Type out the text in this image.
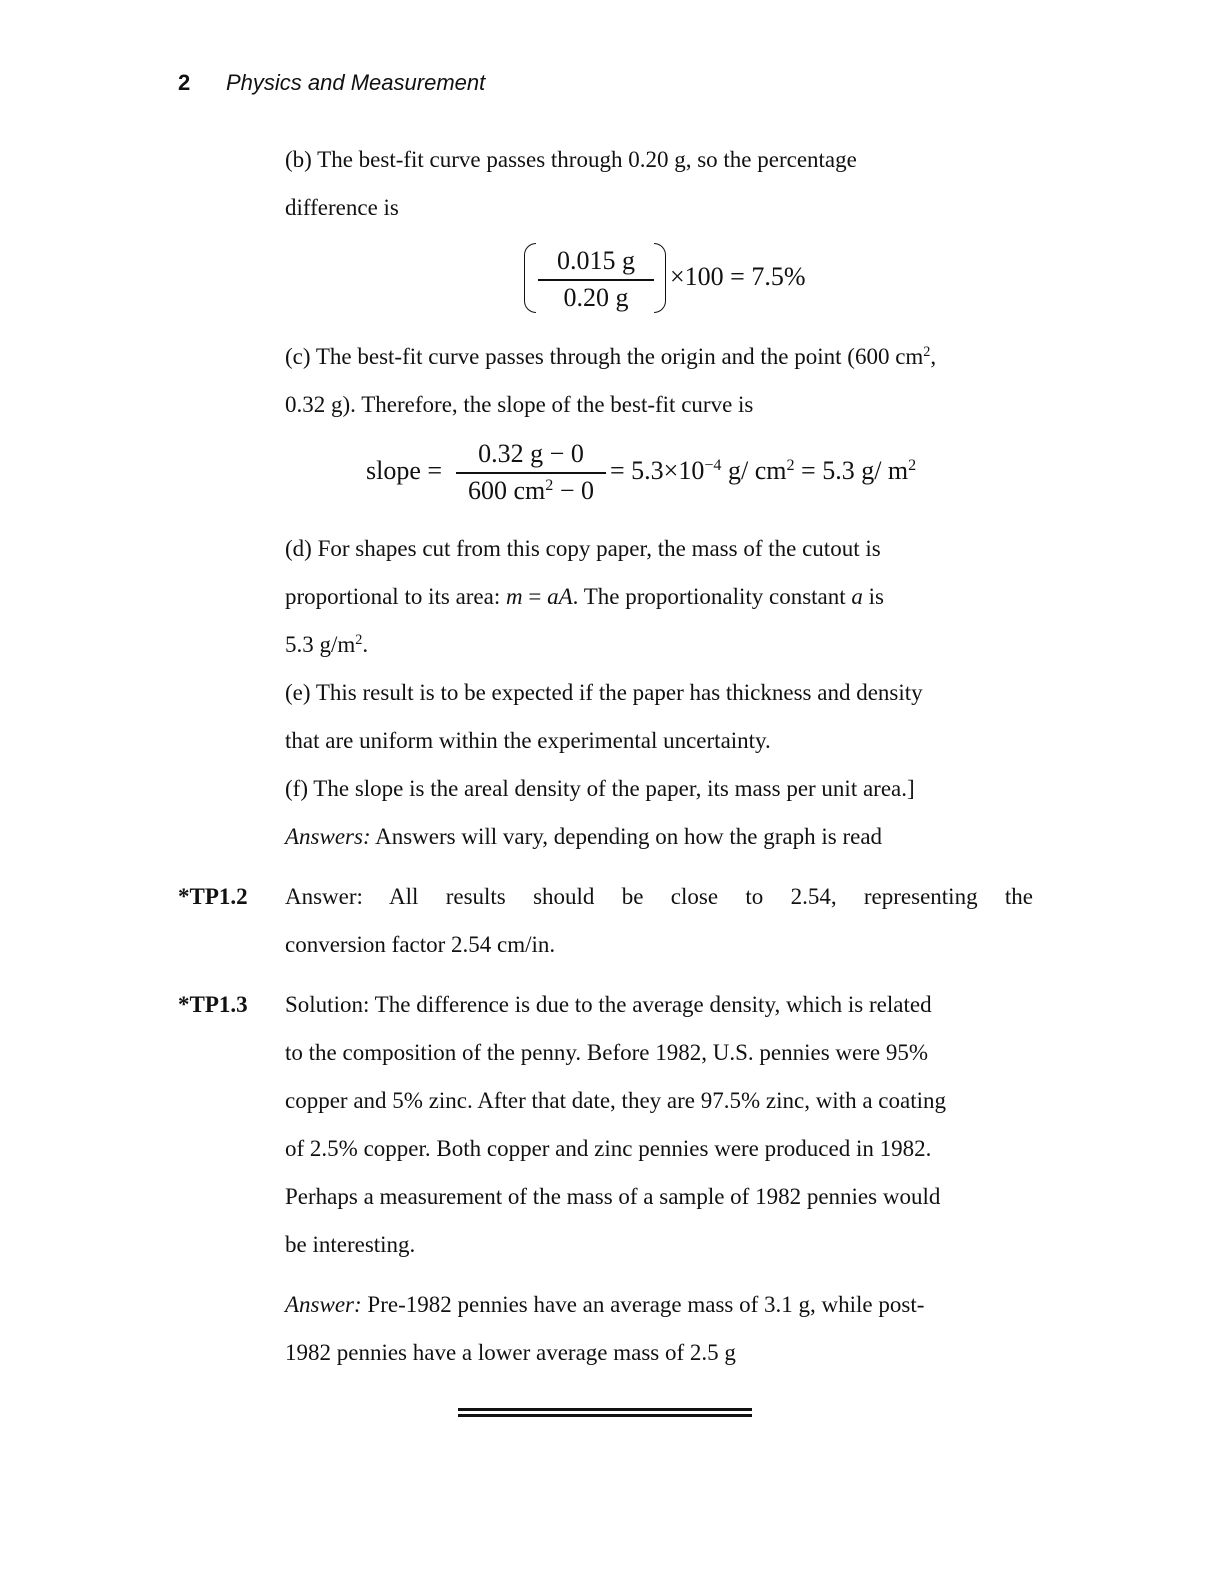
2 Physics and Measurement
(b) The best-fit curve passes through 0.20 g, so the percentage
difference is
$\frac{0.015 g}{0.20 g} \times 100 = 7.5\%$
(c) The best-fit curve passes through the origin and the point (600 $cm^2$,
0.32 g). Therefore, the slope of the best-fit curve is
slope = $\frac{0.32 g - 0}{600 cm^2 - 0} = 5.3\times 10^{-4}$ g/ $cm^2 = 5.3$ g/ $m^2$
(d) For shapes cut from this copy paper, the mass of the cutout is
proportional to its area: m = aA. The proportionality constant a is
5.3 $g/m^2$.
(e) This result is to be expected if the paper has thickness and density
that are uniform within the experimental uncertainty.
(f) The slope is the areal density of the paper, its mass per unit area.]
Answers: Answers will vary, depending on how the graph is read
*TP1.2 Answer: All results should be close to 2.54, representing the
conversion factor 2.54 cm/in.
*TP1.3 Solution: The difference is due to the average density, which is related
to the composition of the penny. Before 1982, U.S. pennies were 95%
copper and 5% zinc. After that date, they are 97.5% zinc, with a coating
of 2.5% copper. Both copper and zinc pennies were produced in 1982.
Perhaps a measurement of the mass of a sample of 1982 pennies would
be interesting.
Answer: Pre-1982 pennies have an average mass of 3.1 g, while post-
1982 pennies have a lower average mass of 2.5 g
